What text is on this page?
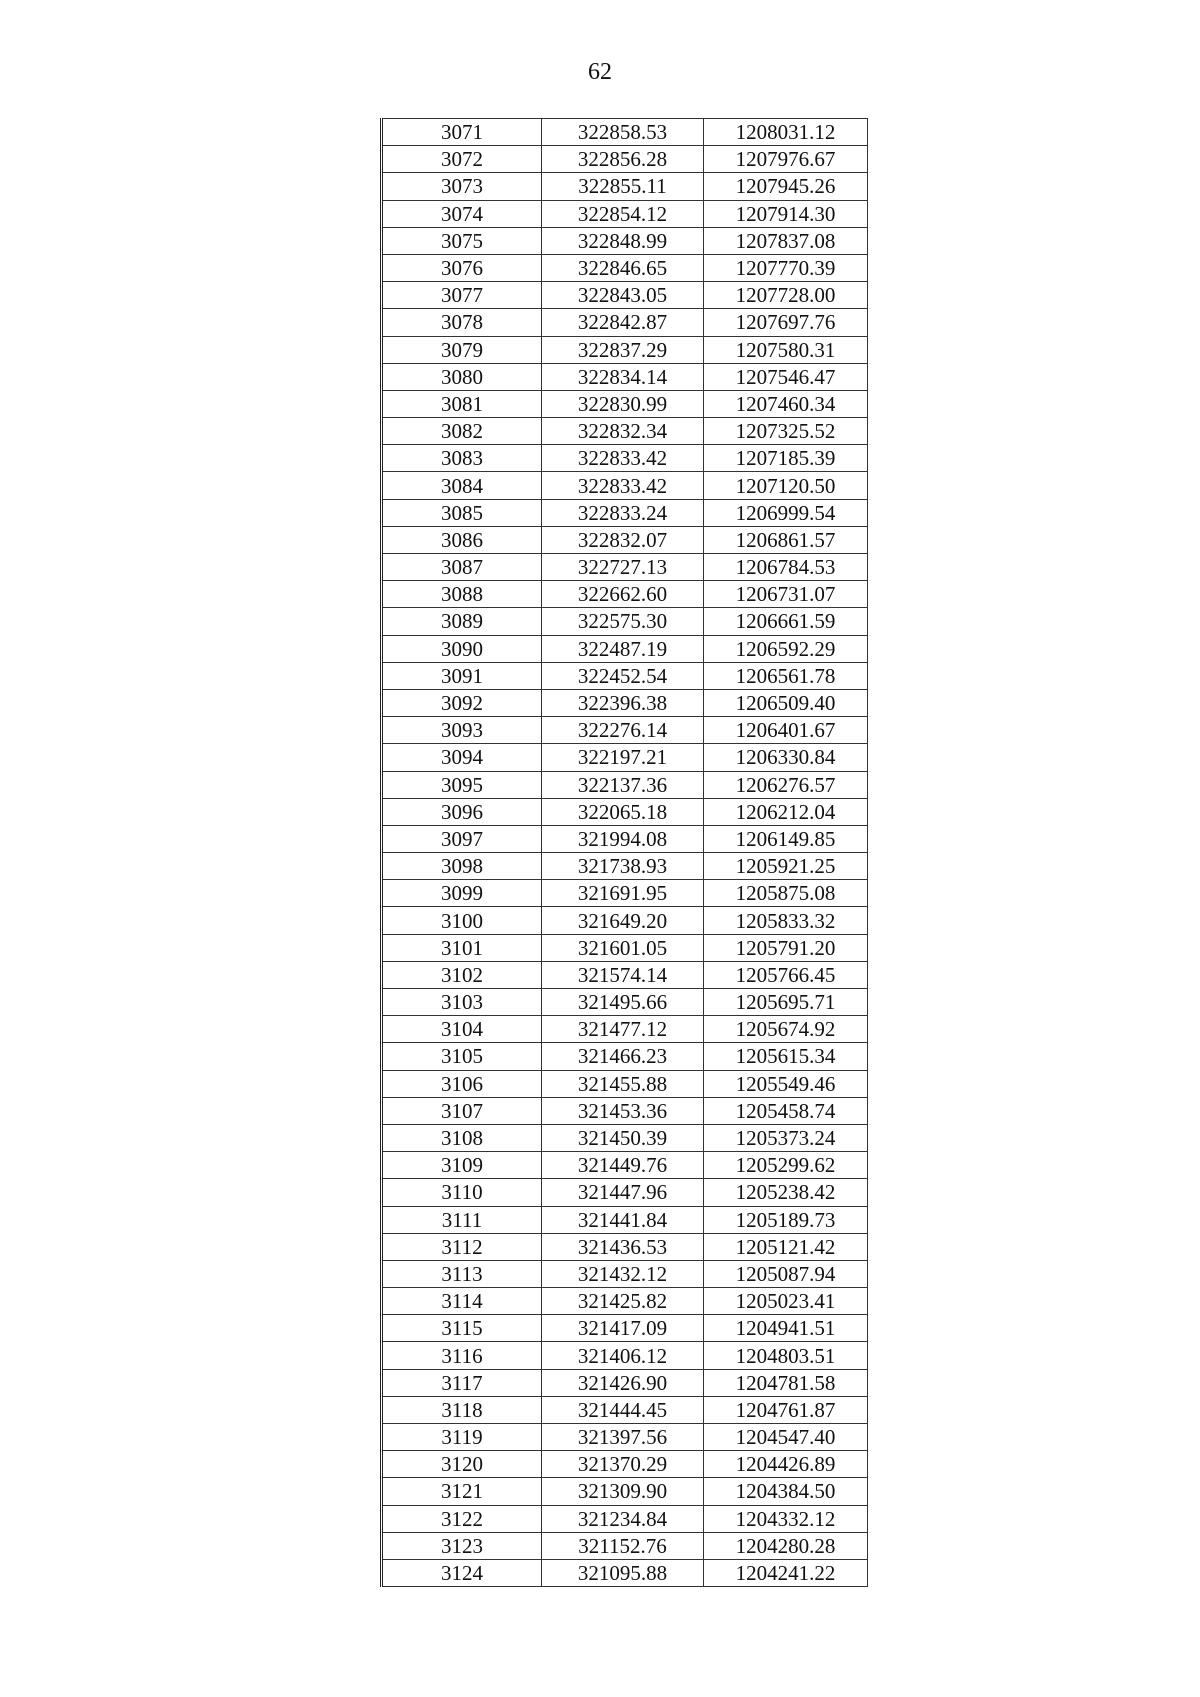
62
3071	322858.53	1208031.12
3072	322856.28	1207976.67
3073	322855.11	1207945.26
3074	322854.12	1207914.30
3075	322848.99	1207837.08
3076	322846.65	1207770.39
3077	322843.05	1207728.00
3078	322842.87	1207697.76
3079	322837.29	1207580.31
3080	322834.14	1207546.47
3081	322830.99	1207460.34
3082	322832.34	1207325.52
3083	322833.42	1207185.39
3084	322833.42	1207120.50
3085	322833.24	1206999.54
3086	322832.07	1206861.57
3087	322727.13	1206784.53
3088	322662.60	1206731.07
3089	322575.30	1206661.59
3090	322487.19	1206592.29
3091	322452.54	1206561.78
3092	322396.38	1206509.40
3093	322276.14	1206401.67
3094	322197.21	1206330.84
3095	322137.36	1206276.57
3096	322065.18	1206212.04
3097	321994.08	1206149.85
3098	321738.93	1205921.25
3099	321691.95	1205875.08
3100	321649.20	1205833.32
3101	321601.05	1205791.20
3102	321574.14	1205766.45
3103	321495.66	1205695.71
3104	321477.12	1205674.92
3105	321466.23	1205615.34
3106	321455.88	1205549.46
3107	321453.36	1205458.74
3108	321450.39	1205373.24
3109	321449.76	1205299.62
3110	321447.96	1205238.42
3111	321441.84	1205189.73
3112	321436.53	1205121.42
3113	321432.12	1205087.94
3114	321425.82	1205023.41
3115	321417.09	1204941.51
3116	321406.12	1204803.51
3117	321426.90	1204781.58
3118	321444.45	1204761.87
3119	321397.56	1204547.40
3120	321370.29	1204426.89
3121	321309.90	1204384.50
3122	321234.84	1204332.12
3123	321152.76	1204280.28
3124	321095.88	1204241.22
